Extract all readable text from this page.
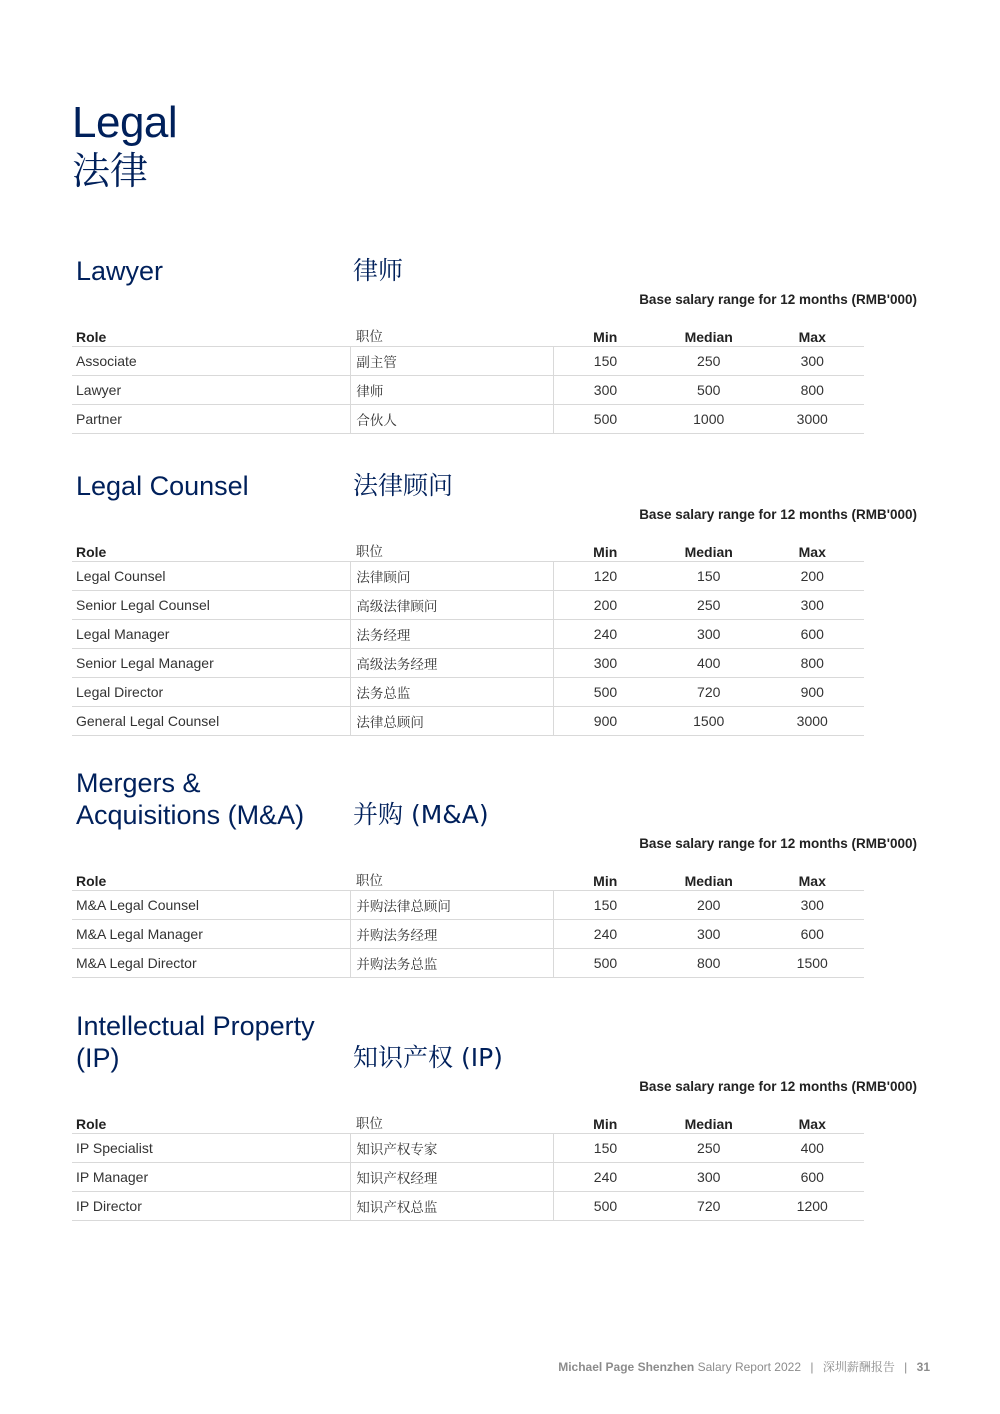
Legal
法律
Lawyer	律师
Base salary range for 12 months (RMB'000)
Role	职位	Min	Median	Max
Associate	副主管	150	250	300
Lawyer	律师	300	500	800
Partner	合伙人	500	1000	3000
Legal Counsel	法律顾问
Base salary range for 12 months (RMB'000)
Role	职位	Min	Median	Max
Legal Counsel	法律顾问	120	150	200
Senior Legal Counsel	高级法律顾问	200	250	300
Legal Manager	法务经理	240	300	600
Senior Legal Manager	高级法务经理	300	400	800
Legal Director	法务总监	500	720	900
General Legal Counsel	法律总顾问	900	1500	3000
Mergers &
Acquisitions (M&A) 并购 (M&A)
Base salary range for 12 months (RMB'000)
Role	职位	Min	Median	Max
M&A Legal Counsel	并购法律总顾问	150	200	300
M&A Legal Manager	并购法务经理	240	300	600
M&A Legal Director	并购法务总监	500	800	1500
Intellectual Property
(IP)	知识产权 (IP)
Base salary range for 12 months (RMB'000)
Role	职位	Min	Median	Max
IP Specialist	知识产权专家	150	250	400
IP Manager	知识产权经理	240	300	600
IP Director	知识产权总监	500	720	1200
Michael Page Shenzhen Salary Report 2022 | 深圳薪酬报告 | 31
